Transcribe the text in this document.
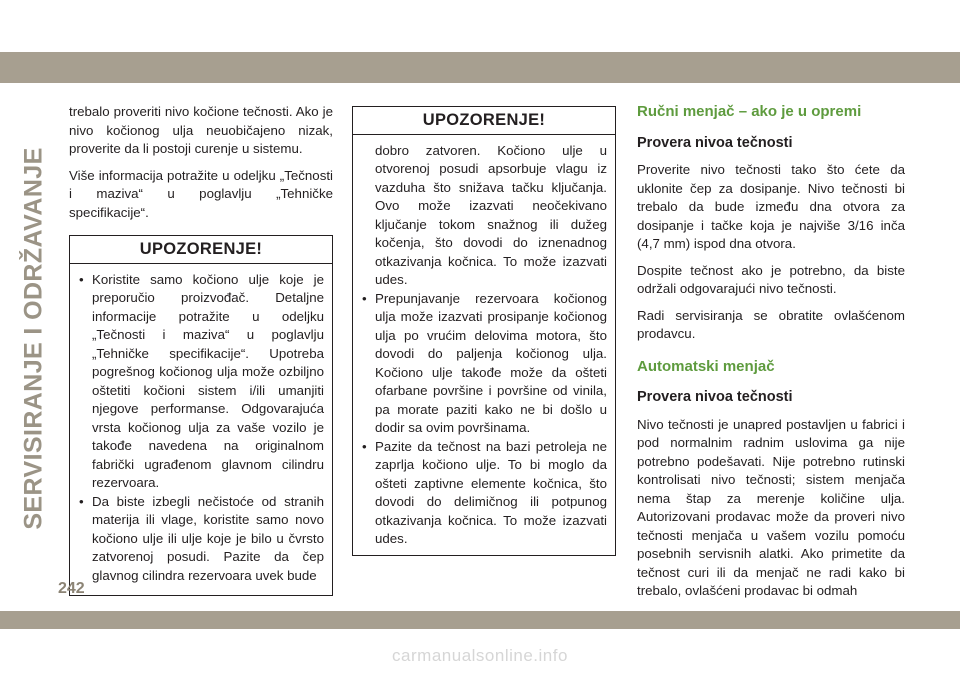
SERVISIRANJE I ODRŽAVANJE

trebalo proveriti nivo kočione tečnosti. Ako je nivo kočionog ulja neuobičajeno nizak, proverite da li postoji curenje u sistemu.

Više informacija potražite u odeljku „Tečnosti i maziva“ u poglavlju „Tehničke specifikacije“.

UPOZORENJE!
• Koristite samo kočiono ulje koje je preporučio proizvođač. Detaljne informacije potražite u odeljku „Tečnosti i maziva“ u poglavlju „Tehničke specifikacije“. Upotreba pogrešnog kočionog ulja može ozbiljno oštetiti kočioni sistem i/ili umanjiti njegove performanse. Odgovarajuća vrsta kočionog ulja za vaše vozilo je takođe navedena na originalnom fabrički ugrađenom glavnom cilindru rezervoara.
• Da biste izbegli nečistoće od stranih materija ili vlage, koristite samo novo kočiono ulje ili ulje koje je bilo u čvrsto zatvorenoj posudi. Pazite da čep glavnog cilindra rezervoara uvek bude
UPOZORENJE!
dobro zatvoren. Kočiono ulje u otvorenoj posudi apsorbuje vlagu iz vazduha što snižava tačku ključanja. Ovo može izazvati neočekivano ključanje tokom snažnog ili dužeg kočenja, što dovodi do iznenadnog otkazivanja kočnica. To može izazvati udes.
• Prepunjavanje rezervoara kočionog ulja može izazvati prosipanje kočionog ulja po vrućim delovima motora, što dovodi do paljenja kočionog ulja. Kočiono ulje takođe može da ošteti ofarbane površine i površine od vinila, pa morate paziti kako ne bi došlo u dodir sa ovim površinama.
• Pazite da tečnost na bazi petroleja ne zaprlja kočiono ulje. To bi moglo da ošteti zaptivne elemente kočnica, što dovodi do delimičnog ili potpunog otkazivanja kočnica. To može izazvati udes.
Ručni menjač – ako je u opremi
Provera nivoa tečnosti

Proverite nivo tečnosti tako što ćete da uklonite čep za dosipanje. Nivo tečnosti bi trebalo da bude između dna otvora za dosipanje i tačke koja je najviše 3/16 inča (4,7 mm) ispod dna otvora.

Dospite tečnost ako je potrebno, da biste održali odgovarajući nivo tečnosti.

Radi servisiranja se obratite ovlašćenom prodavcu.

Automatski menjač
Provera nivoa tečnosti

Nivo tečnosti je unapred postavljen u fabrici i pod normalnim radnim uslovima ga nije potrebno podešavati. Nije potrebno rutinski kontrolisati nivo tečnosti; sistem menjača nema štap za merenje količine ulja. Autorizovani prodavac može da proveri nivo tečnosti menjača u vašem vozilu pomoću posebnih servisnih alatki. Ako primetite da tečnost curi ili da menjač ne radi kako bi trebalo, ovlašćeni prodavac bi odmah

242
carmanualsonline.info
